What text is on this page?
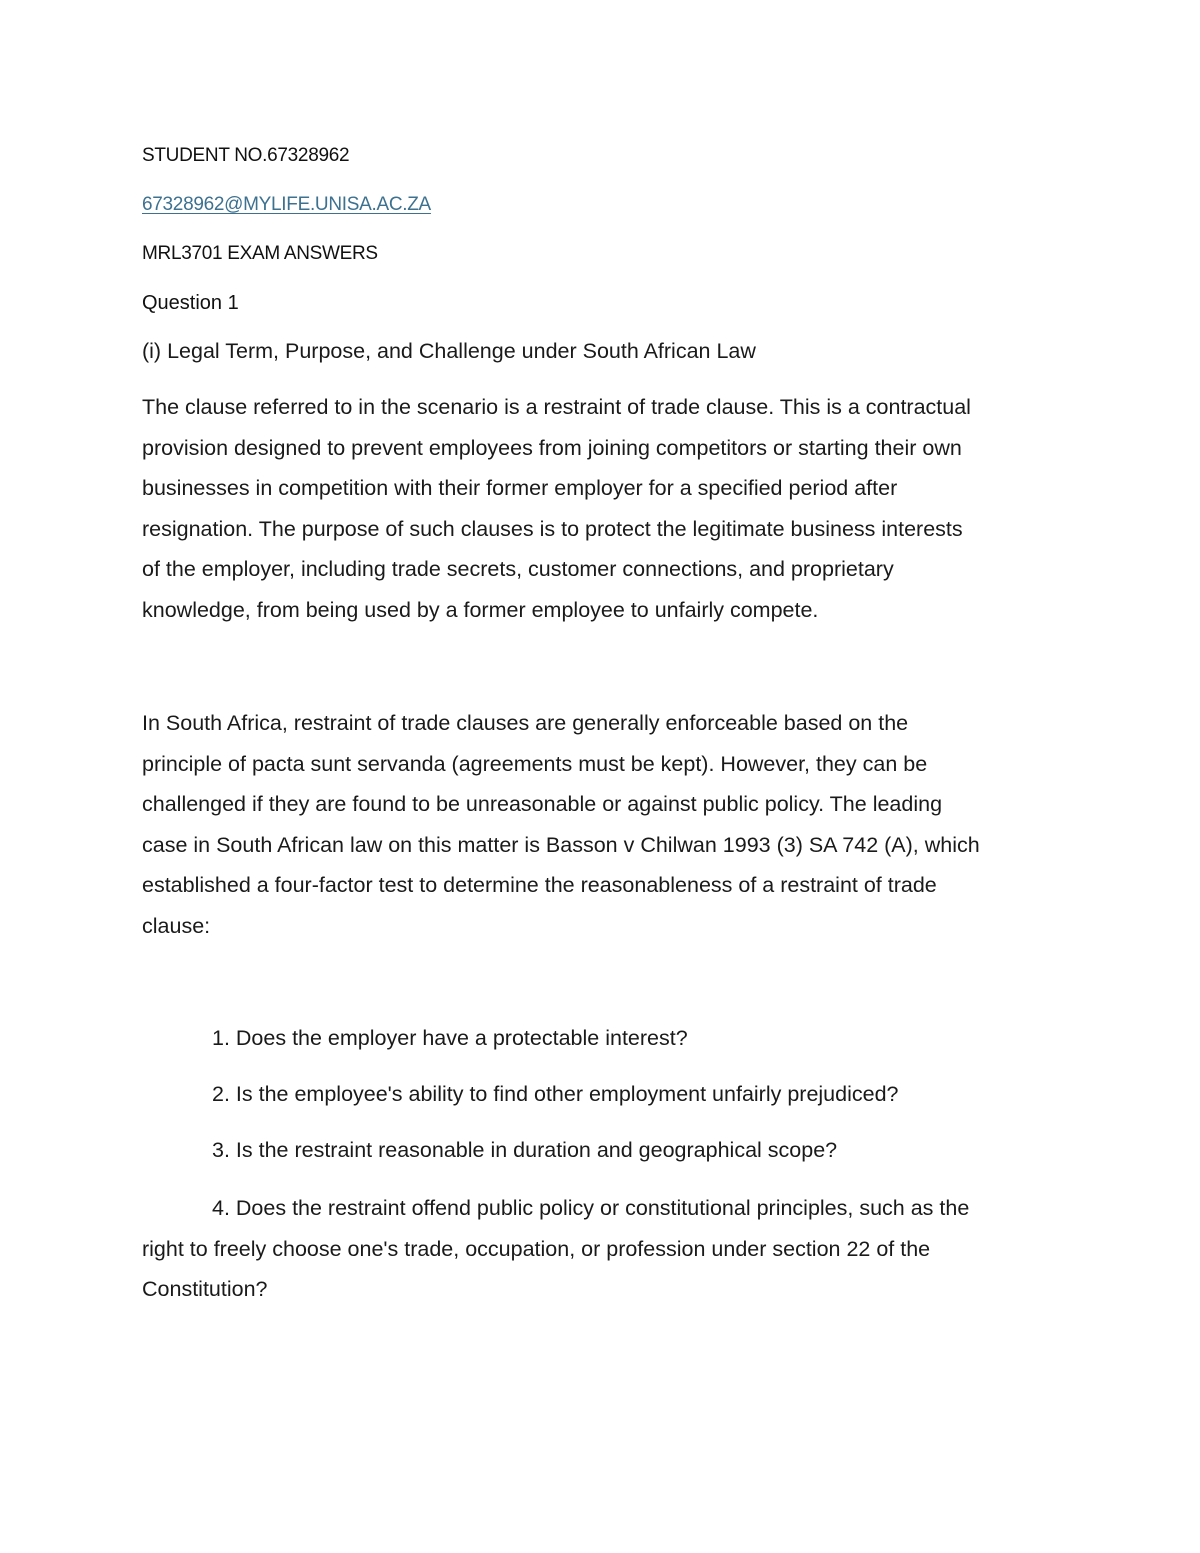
STUDENT NO.67328962
67328962@MYLIFE.UNISA.AC.ZA
MRL3701 EXAM ANSWERS
Question 1
(i) Legal Term, Purpose, and Challenge under South African Law
The clause referred to in the scenario is a restraint of trade clause. This is a contractual
provision designed to prevent employees from joining competitors or starting their own
businesses in competition with their former employer for a specified period after
resignation. The purpose of such clauses is to protect the legitimate business interests
of the employer, including trade secrets, customer connections, and proprietary
knowledge, from being used by a former employee to unfairly compete.
In South Africa, restraint of trade clauses are generally enforceable based on the
principle of pacta sunt servanda (agreements must be kept). However, they can be
challenged if they are found to be unreasonable or against public policy. The leading
case in South African law on this matter is Basson v Chilwan 1993 (3) SA 742 (A), which
established a four-factor test to determine the reasonableness of a restraint of trade
clause:
1. Does the employer have a protectable interest?
2. Is the employee's ability to find other employment unfairly prejudiced?
3. Is the restraint reasonable in duration and geographical scope?
4. Does the restraint offend public policy or constitutional principles, such as the
right to freely choose one's trade, occupation, or profession under section 22 of the
Constitution?
